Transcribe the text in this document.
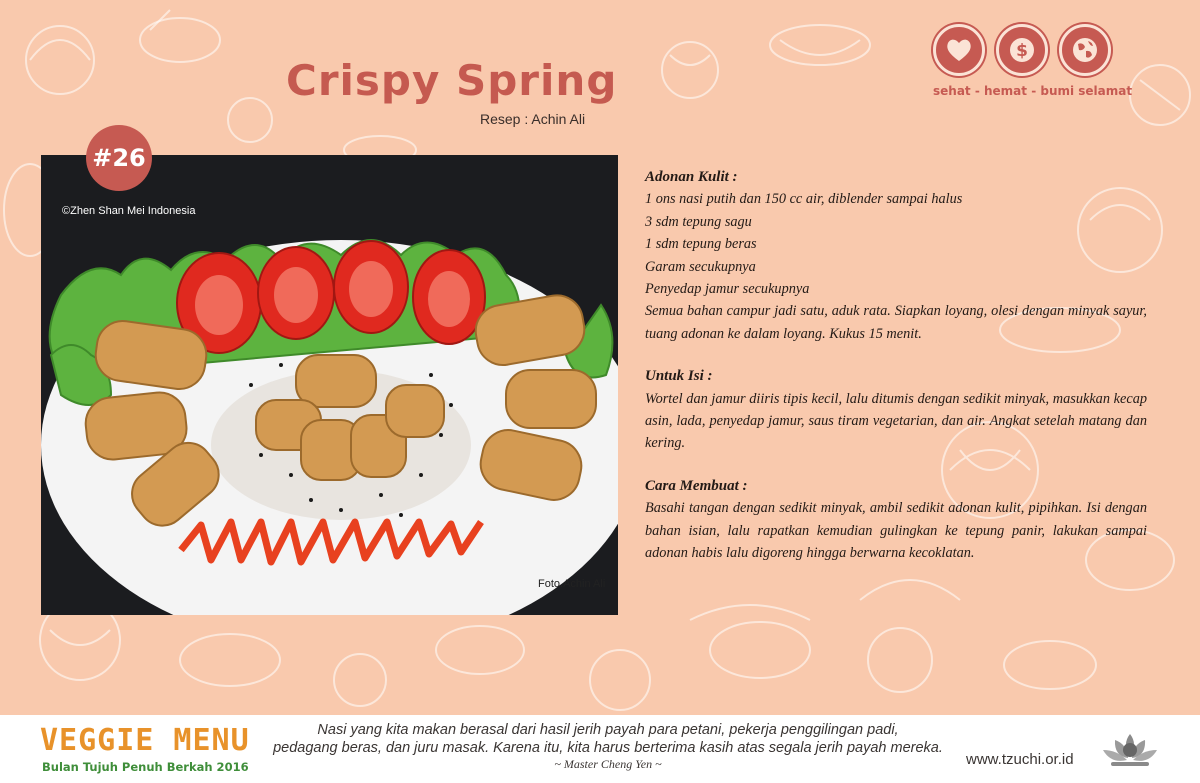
Crispy Spring
Resep : Achin Ali
$
sehat - hemat - bumi selamat
#26
©Zhen Shan Mei Indonesia
Foto.Achin Ali
Adonan Kulit :
1 ons nasi putih dan 150 cc air, diblender sampai halus
3 sdm tepung sagu
1 sdm tepung beras
Garam secukupnya
Penyedap jamur secukupnya

Semua bahan campur jadi satu, aduk rata. Siapkan loyang, olesi dengan minyak sayur, tuang adonan ke dalam loyang. Kukus 15 menit.

Untuk Isi :

Wortel dan jamur diiris tipis kecil, lalu ditumis dengan sedikit minyak, masukkan kecap asin, lada, penyedap jamur, saus tiram vegetarian, dan air. Angkat setelah matang dan kering.

Cara Membuat :

Basahi tangan dengan sedikit minyak, ambil sedikit adonan kulit, pipihkan. Isi dengan bahan isian, lalu rapatkan kemudian gulingkan ke tepung panir, lakukan sampai adonan habis lalu digoreng hingga berwarna kecoklatan.

VEGGIE MENU
Bulan Tujuh Penuh Berkah 2016
Nasi yang kita makan berasal dari hasil jerih payah para petani, pekerja penggilingan padi,
pedagang beras, dan juru masak. Karena itu, kita harus berterima kasih atas segala jerih payah mereka.
~ Master Cheng Yen ~	www.tzuchi.or.id
